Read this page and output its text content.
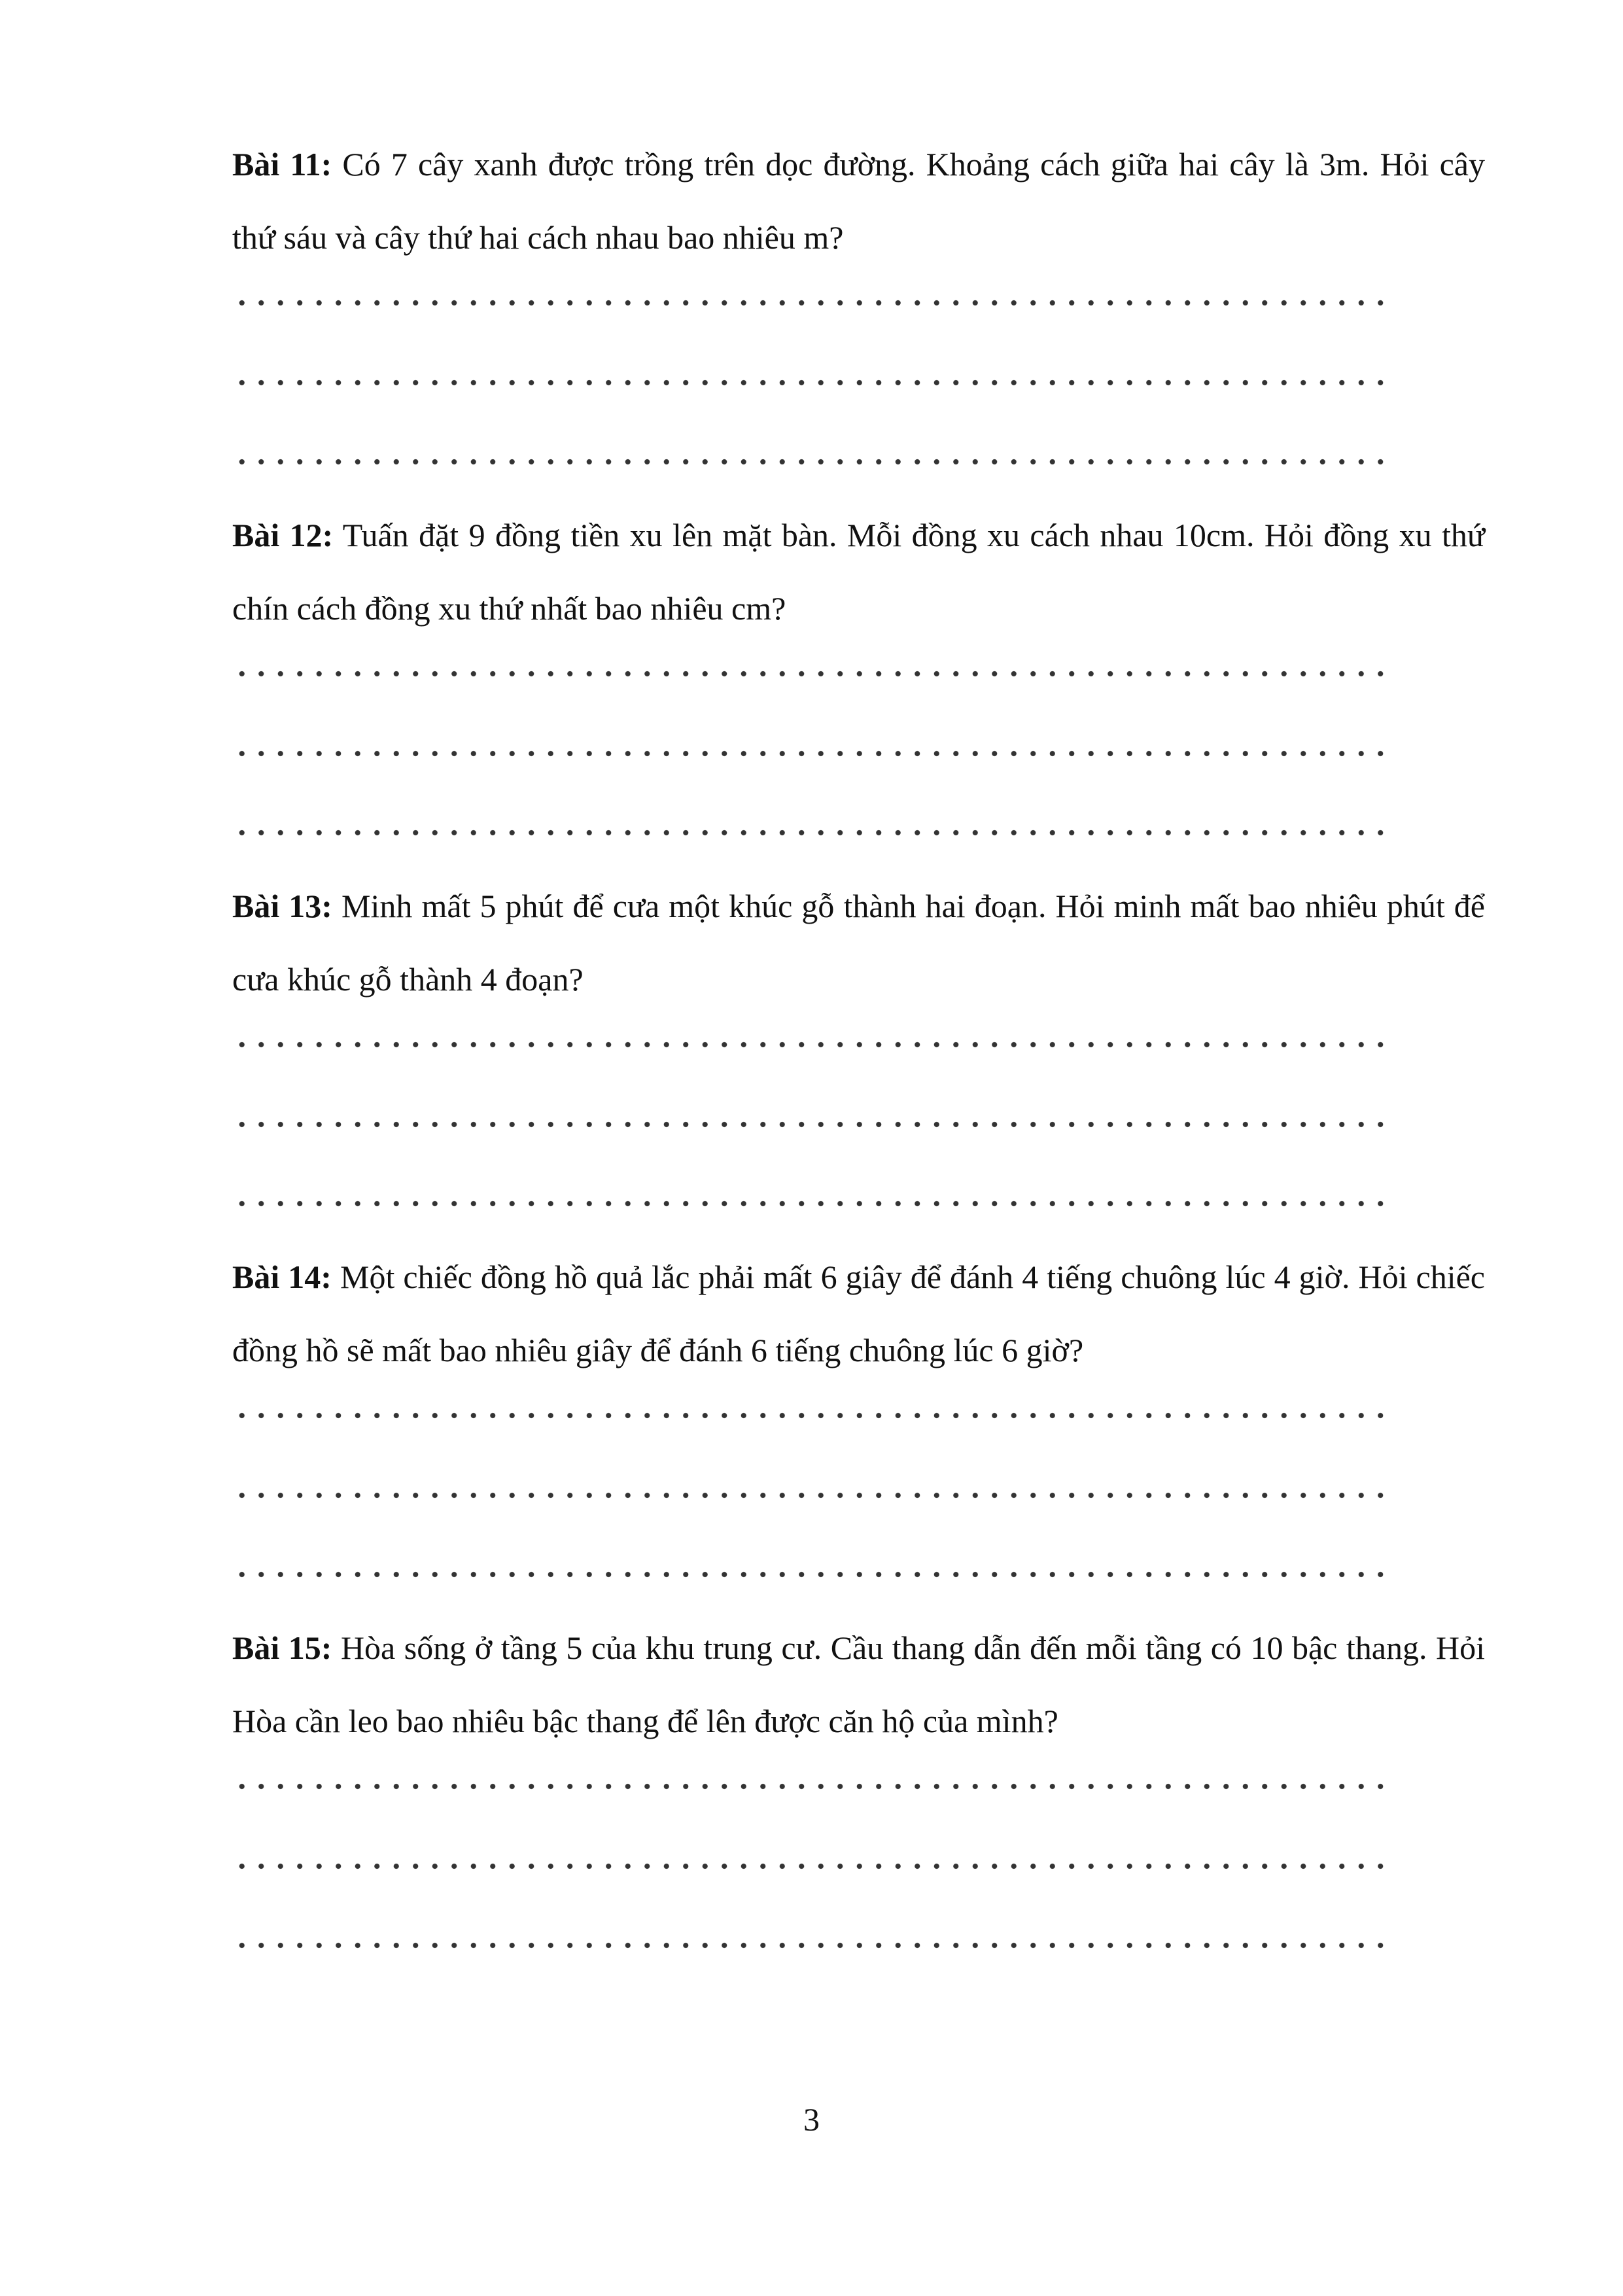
Bài 11: Có 7 cây xanh được trồng trên dọc đường. Khoảng cách giữa hai cây là 3m. Hỏi cây thứ sáu và cây thứ hai cách nhau bao nhiêu m?

Bài 12: Tuấn đặt 9 đồng tiền xu lên mặt bàn. Mỗi đồng xu cách nhau 10cm. Hỏi đồng xu thứ chín cách đồng xu thứ nhất bao nhiêu cm?

Bài 13: Minh mất 5 phút để cưa một khúc gỗ thành hai đoạn. Hỏi minh mất bao nhiêu phút để cưa khúc gỗ thành 4 đoạn?

Bài 14: Một chiếc đồng hồ quả lắc phải mất 6 giây để đánh 4 tiếng chuông lúc 4 giờ. Hỏi chiếc đồng hồ sẽ mất bao nhiêu giây để đánh 6 tiếng chuông lúc 6 giờ?

Bài 15: Hòa sống ở tầng 5 của khu trung cư. Cầu thang dẫn đến mỗi tầng có 10 bậc thang. Hỏi Hòa cần leo bao nhiêu bậc thang để lên được căn hộ của mình?

3
